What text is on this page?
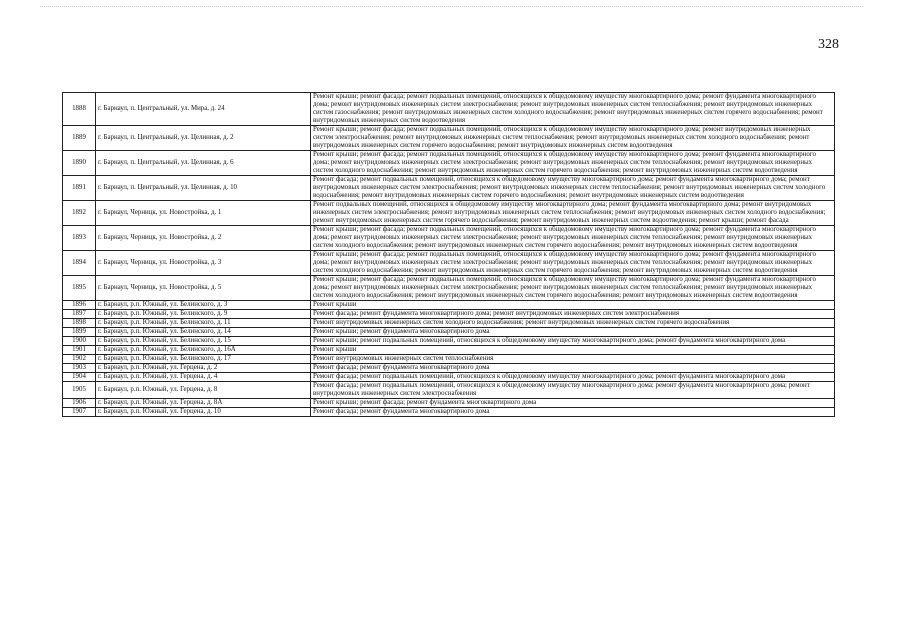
328
1888	г. Барнаул, п. Центральный, ул. Мира, д. 24	Ремонт крыши; ремонт фасада; ремонт подвальных помещений, относящихся к общедомовому имуществу многоквартирного дома; ремонт фундамента многоквартирного дома; ремонт внутридомовых инженерных систем электроснабжения; ремонт внутридомовых инженерных систем теплоснабжения; ремонт внутридомовых инженерных систем газоснабжения; ремонт внутридомовых инженерных систем холодного водоснабжения; ремонт внутридомовых инженерных систем горячего водоснабжения; ремонт внутридомовых инженерных систем водоотведения
1889	г. Барнаул, п. Центральный, ул. Целинная, д. 2	Ремонт крыши; ремонт фасада; ремонт подвальных помещений, относящихся к общедомовому имуществу многоквартирного дома; ремонт внутридомовых инженерных систем электроснабжения; ремонт внутридомовых инженерных систем теплоснабжения; ремонт внутридомовых инженерных систем холодного водоснабжения; ремонт внутридомовых инженерных систем горячего водоснабжения; ремонт внутридомовых инженерных систем водоотведения
1890	г. Барнаул, п. Центральный, ул. Целинная, д. 6	Ремонт крыши; ремонт фасада; ремонт подвальных помещений, относящихся к общедомовому имуществу многоквартирного дома; ремонт фундамента многоквартирного дома; ремонт внутридомовых инженерных систем электроснабжения; ремонт внутридомовых инженерных систем теплоснабжения; ремонт внутридомовых инженерных систем холодного водоснабжения; ремонт внутридомовых инженерных систем горячего водоснабжения; ремонт внутридомовых инженерных систем водоотведения
1891	г. Барнаул, п. Центральный, ул. Целинная, д. 10	Ремонт фасада; ремонт подвальных помещений, относящихся к общедомовому имуществу многоквартирного дома; ремонт фундамента многоквартирного дома; ремонт внутридомовых инженерных систем электроснабжения; ремонт внутридомовых инженерных систем теплоснабжения; ремонт внутридомовых инженерных систем холодного водоснабжения; ремонт внутридомовых инженерных систем горячего водоснабжения; ремонт внутридомовых инженерных систем водоотведения
1892	г. Барнаул, Черницк, ул. Новостройка, д. 1	Ремонт подвальных помещений, относящихся к общедомовому имуществу многоквартирного дома; ремонт фундамента многоквартирного дома; ремонт внутридомовых инженерных систем электроснабжения; ремонт внутридомовых инженерных систем теплоснабжения; ремонт внутридомовых инженерных систем холодного водоснабжения; ремонт внутридомовых инженерных систем горячего водоснабжения; ремонт внутридомовых инженерных систем водоотведения; ремонт крыши; ремонт фасада
1893	г. Барнаул, Черницк, ул. Новостройка, д. 2	Ремонт крыши; ремонт фасада; ремонт подвальных помещений, относящихся к общедомовому имуществу многоквартирного дома; ремонт фундамента многоквартирного дома; ремонт внутридомовых инженерных систем электроснабжения; ремонт внутридомовых инженерных систем теплоснабжения; ремонт внутридомовых инженерных систем холодного водоснабжения; ремонт внутридомовых инженерных систем горячего водоснабжения; ремонт внутридомовых инженерных систем водоотведения
1894	г. Барнаул, Черницк, ул. Новостройка, д. 3	Ремонт крыши; ремонт фасада; ремонт подвальных помещений, относящихся к общедомовому имуществу многоквартирного дома; ремонт фундамента многоквартирного дома; ремонт внутридомовых инженерных систем электроснабжения; ремонт внутридомовых инженерных систем теплоснабжения; ремонт внутридомовых инженерных систем холодного водоснабжения; ремонт внутридомовых инженерных систем горячего водоснабжения; ремонт внутридомовых инженерных систем водоотведения
1895	г. Барнаул, Черницк, ул. Новостройка, д. 5	Ремонт крыши; ремонт фасада; ремонт подвальных помещений, относящихся к общедомовому имуществу многоквартирного дома; ремонт фундамента многоквартирного дома; ремонт внутридомовых инженерных систем электроснабжения; ремонт внутридомовых инженерных систем теплоснабжения; ремонт внутридомовых инженерных систем холодного водоснабжения; ремонт внутридомовых инженерных систем горячего водоснабжения; ремонт внутридомовых инженерных систем водоотведения
1896	г. Барнаул, р.п. Южный, ул. Белинского, д. 3	Ремонт крыши
1897	г. Барнаул, р.п. Южный, ул. Белинского, д. 9	Ремонт фасада; ремонт фундамента многоквартирного дома; ремонт внутридомовых инженерных систем электроснабжения
1898	г. Барнаул, р.п. Южный, ул. Белинского, д. 11	Ремонт внутридомовых инженерных систем холодного водоснабжения; ремонт внутридомовых инженерных систем горячего водоснабжения
1899	г. Барнаул, р.п. Южный, ул. Белинского, д. 14	Ремонт крыши; ремонт фундамента многоквартирного дома
1900	г. Барнаул, р.п. Южный, ул. Белинского, д. 15	Ремонт крыши; ремонт подвальных помещений, относящихся к общедомовому имуществу многоквартирного дома; ремонт фундамента многоквартирного дома
1901	г. Барнаул, р.п. Южный, ул. Белинского, д. 16А	Ремонт крыши
1902	г. Барнаул, р.п. Южный, ул. Белинского, д. 17	Ремонт внутридомовых инженерных систем теплоснабжения
1903	г. Барнаул, р.п. Южный, ул. Герцена, д. 2	Ремонт фасада; ремонт фундамента многоквартирного дома
1904	г. Барнаул, р.п. Южный, ул. Герцена, д. 4	Ремонт фасада; ремонт подвальных помещений, относящихся к общедомовому имуществу многоквартирного дома; ремонт фундамента многоквартирного дома
1905	г. Барнаул, р.п. Южный, ул. Герцена, д. 8	Ремонт фасада; ремонт подвальных помещений, относящихся к общедомовому имуществу многоквартирного дома; ремонт фундамента многоквартирного дома; ремонт внутридомовых инженерных систем электроснабжения
1906	г. Барнаул, р.п. Южный, ул. Герцена, д. 8А	Ремонт крыши; ремонт фасада; ремонт фундамента многоквартирного дома
1907	г. Барнаул, р.п. Южный, ул. Герцена, д. 10	Ремонт фасада; ремонт фундамента многоквартирного дома
